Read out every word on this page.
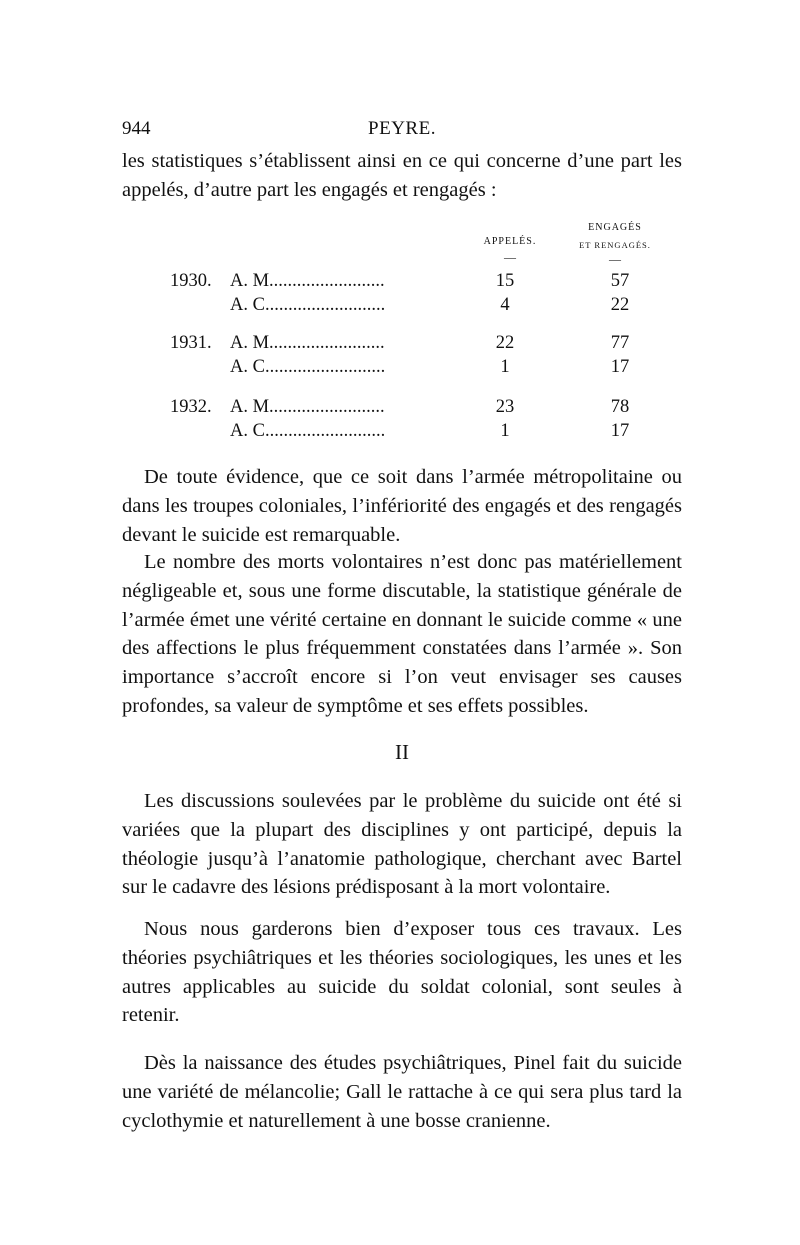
944	PEYRE.

les statistiques s’établissent ainsi en ce qui concerne d’une part les appelés, d’autre part les engagés et rengagés :

APPELÉS.
ENGAGÉS
ET RENGAGÉS.
—	—
1930. A. M.........................	15	57
A. C..........................	4	22
1931. A. M.........................	22	77
A. C..........................	1	17
1932. A. M.........................	23	78
A. C..........................	1	17

De toute évidence, que ce soit dans l’armée métropolitaine ou dans les troupes coloniales, l’infériorité des engagés et des rengagés devant le suicide est remarquable.

Le nombre des morts volontaires n’est donc pas matériellement négligeable et, sous une forme discutable, la statistique générale de l’armée émet une vérité certaine en donnant le suicide comme « une des affections le plus fréquemment constatées dans l’armée ». Son importance s’accroît encore si l’on veut envisager ses causes profondes, sa valeur de symptôme et ses effets possibles.

II

Les discussions soulevées par le problème du suicide ont été si variées que la plupart des disciplines y ont participé, depuis la théologie jusqu’à l’anatomie pathologique, cherchant avec Bartel sur le cadavre des lésions prédisposant à la mort volontaire.

Nous nous garderons bien d’exposer tous ces travaux. Les théories psychiâtriques et les théories sociologiques, les unes et les autres applicables au suicide du soldat colonial, sont seules à retenir.

Dès la naissance des études psychiâtriques, Pinel fait du suicide une variété de mélancolie; Gall le rattache à ce qui sera plus tard la cyclothymie et naturellement à une bosse cranienne.
